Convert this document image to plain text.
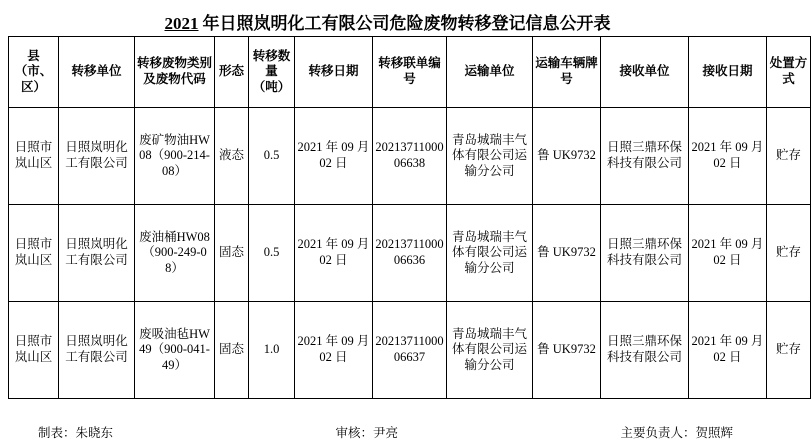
2021 年日照岚明化工有限公司危险废物转移登记信息公开表
县（市、区）	转移单位	转移废物类别及废物代码	形态	转移数量（吨）	转移日期	转移联单编号	运输单位	运输车辆牌号	接收单位	接收日期	处置方式
日照市岚山区	日照岚明化工有限公司	废矿物油HW08（900-214-08）	液态	0.5	2021 年 09 月 02 日	2021371100006638	青岛城瑞丰气体有限公司运输分公司	鲁 UK9732	日照三鼎环保科技有限公司	2021 年 09 月 02 日	贮存
日照市岚山区	日照岚明化工有限公司	废油桶HW08（900-249-08）	固态	0.5	2021 年 09 月 02 日	2021371100006636	青岛城瑞丰气体有限公司运输分公司	鲁 UK9732	日照三鼎环保科技有限公司	2021 年 09 月 02 日	贮存
日照市岚山区	日照岚明化工有限公司	废吸油毡HW49（900-041-49）	固态	1.0	2021 年 09 月 02 日	2021371100006637	青岛城瑞丰气体有限公司运输分公司	鲁 UK9732	日照三鼎环保科技有限公司	2021 年 09 月 02 日	贮存
制表：朱晓东	审核：尹亮	主要负责人：贺照辉
